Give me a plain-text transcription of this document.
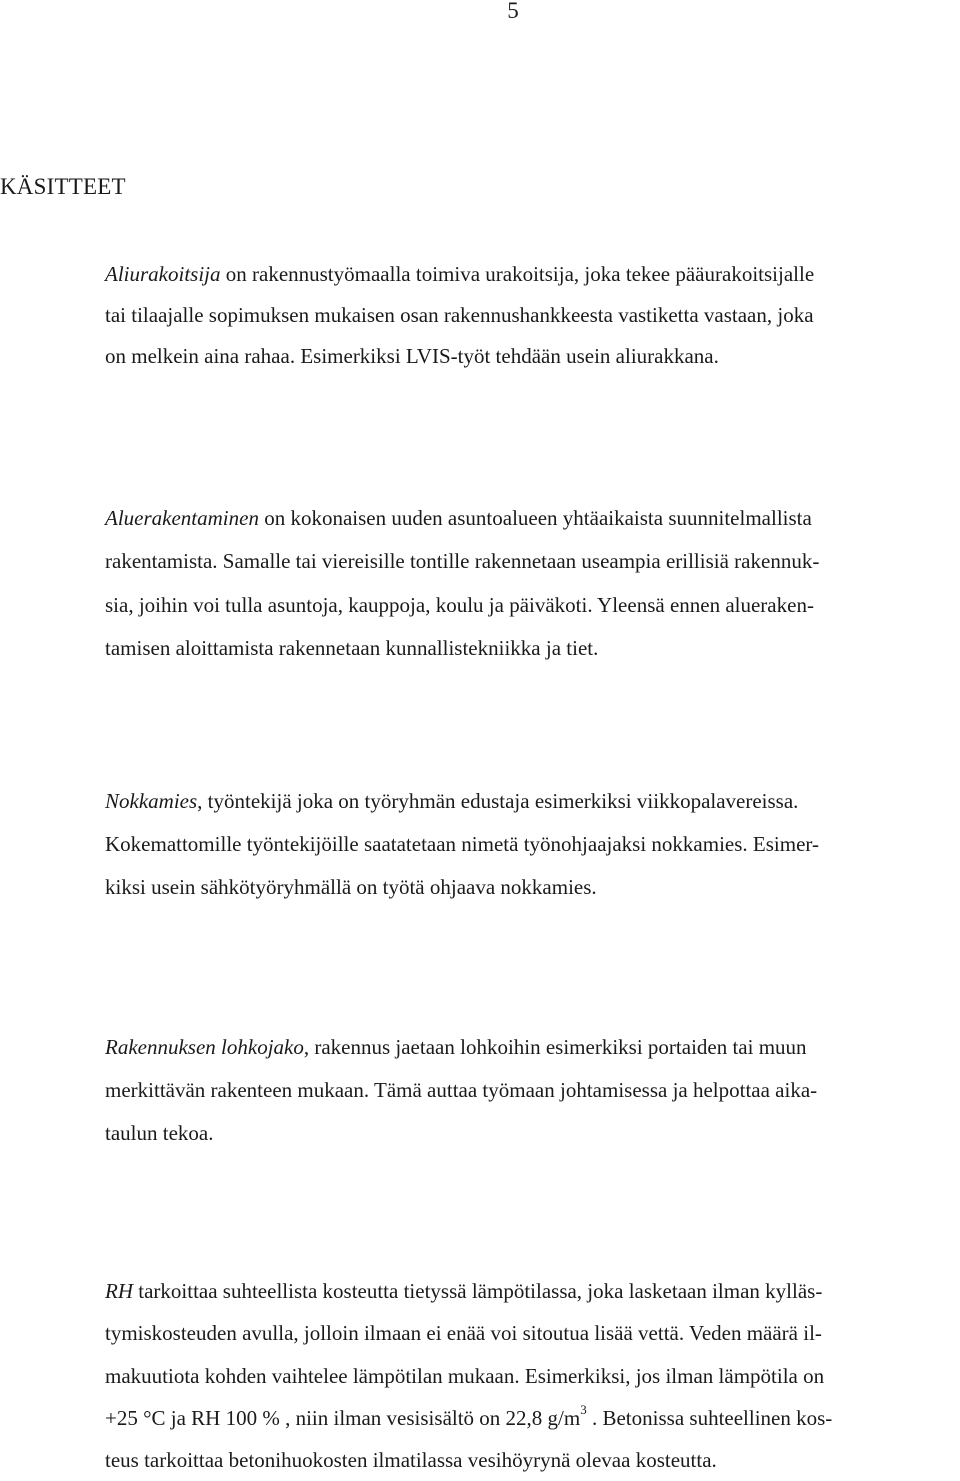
5
KÄSITTEET
Aliurakoitsija on rakennustyömaalla toimiva urakoitsija, joka tekee pääurakoitsijalle
tai tilaajalle sopimuksen mukaisen osan rakennushankkeesta vastiketta vastaan, joka
on melkein aina rahaa. Esimerkiksi LVIS-työt tehdään usein aliurakkana.
Aluerakentaminen on kokonaisen uuden asuntoalueen yhtäaikaista suunnitelmallista
rakentamista. Samalle tai viereisille tontille rakennetaan useampia erillisiä rakennuk-
sia, joihin voi tulla asuntoja, kauppoja, koulu ja päiväkoti. Yleensä ennen alueraken-
tamisen aloittamista rakennetaan kunnallistekniikka ja tiet.
Nokkamies, työntekijä joka on työryhmän edustaja esimerkiksi viikkopalavereissa.
Kokemattomille työntekijöille saatatetaan nimetä työnohjaajaksi nokkamies. Esimer-
kiksi usein sähkötyöryhmällä on työtä ohjaava nokkamies.
Rakennuksen lohkojako, rakennus jaetaan lohkoihin esimerkiksi portaiden tai muun
merkittävän rakenteen mukaan. Tämä auttaa työmaan johtamisessa ja helpottaa aika-
taulun tekoa.
RH tarkoittaa suhteellista kosteutta tietyssä lämpötilassa, joka lasketaan ilman kylläs-
tymiskosteuden avulla, jolloin ilmaan ei enää voi sitoutua lisää vettä. Veden määrä il-
makuutiota kohden vaihtelee lämpötilan mukaan. Esimerkiksi, jos ilman lämpötila on
+25 °C ja RH 100 % , niin ilman vesisisältö on 22,8 $g/m^3$ . Betonissa suhteellinen kos-
teus tarkoittaa betonihuokosten ilmatilassa vesihöyrynä olevaa kosteutta.
